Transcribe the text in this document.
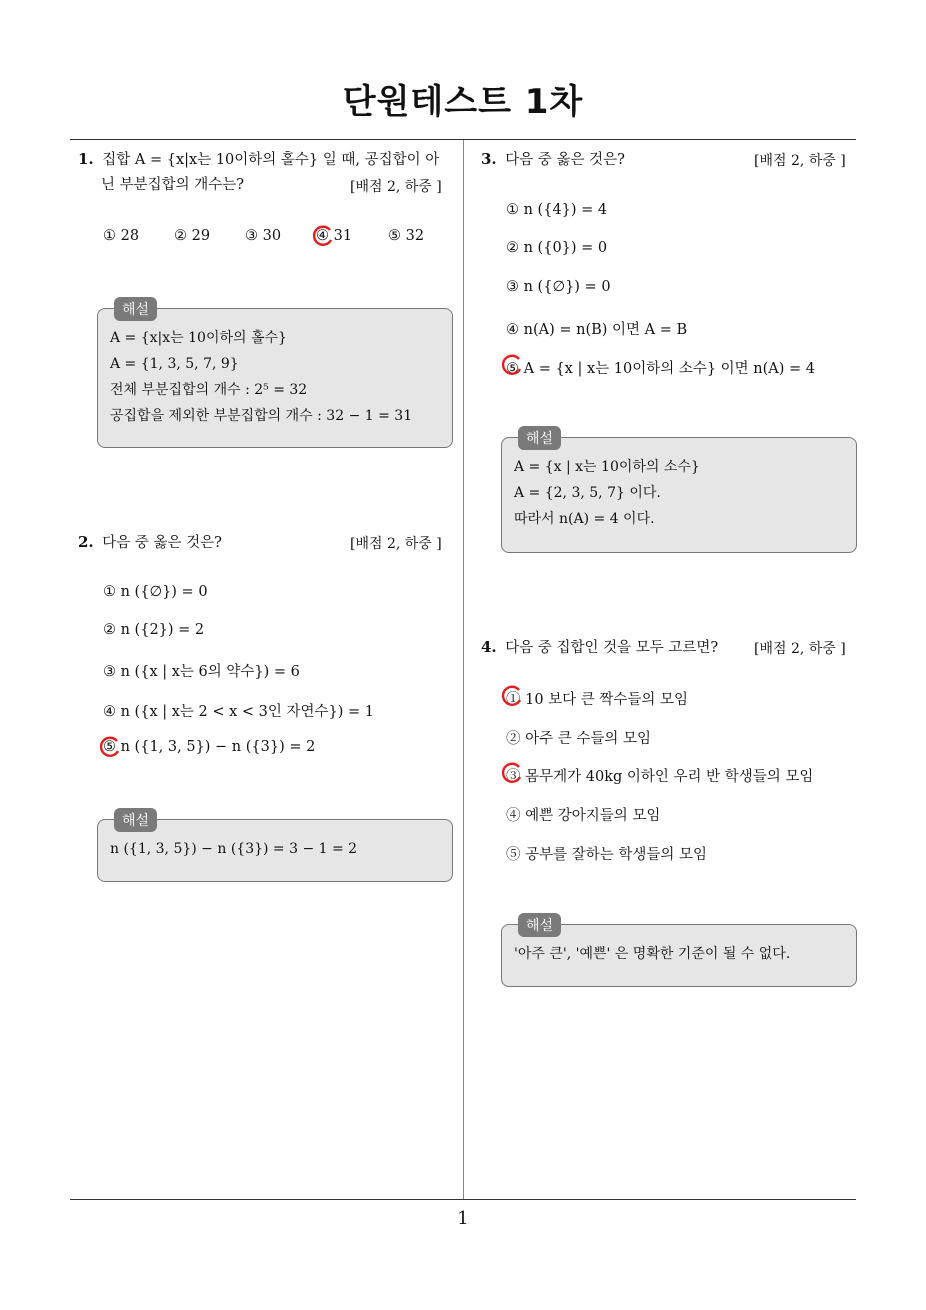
단원테스트 1차
1
1. 집합 A = {x|x는 10이하의 홀수} 일 때, 공집합이 아
닌 부분집합의 개수는?	[배점 2, 하중 ]
① 28 ② 29 ③ 30 ④ 31 ⑤ 32
해설
A = {x|x는 10이하의 홀수}
A = {1, 3, 5, 7, 9}
전체 부분집합의 개수 : 2⁵ = 32
공집합을 제외한 부분집합의 개수 : 32 − 1 = 31
2. 다음 중 옳은 것은?	[배점 2, 하중 ]
① n ({∅}) = 0
② n ({2}) = 2
③ n ({x | x는 6의 약수}) = 6
④ n ({x | x는 2 < x < 3인 자연수}) = 1
⑤ n ({1, 3, 5}) − n ({3}) = 2
해설
n ({1, 3, 5}) − n ({3}) = 3 − 1 = 2
3. 다음 중 옳은 것은?	[배점 2, 하중 ]
① n ({4}) = 4
② n ({0}) = 0
③ n ({∅}) = 0
④ n(A) = n(B) 이면 A = B
⑤ A = {x | x는 10이하의 소수} 이면 n(A) = 4
해설
A = {x | x는 10이하의 소수}
A = {2, 3, 5, 7} 이다.
따라서 n(A) = 4 이다.
4. 다음 중 집합인 것을 모두 고르면?	[배점 2, 하중 ]
① 10 보다 큰 짝수들의 모임
② 아주 큰 수들의 모임
③ 몸무게가 40kg 이하인 우리 반 학생들의 모임
④ 예쁜 강아지들의 모임
⑤ 공부를 잘하는 학생들의 모임
해설
'아주 큰', '예쁜' 은 명확한 기준이 될 수 없다.
